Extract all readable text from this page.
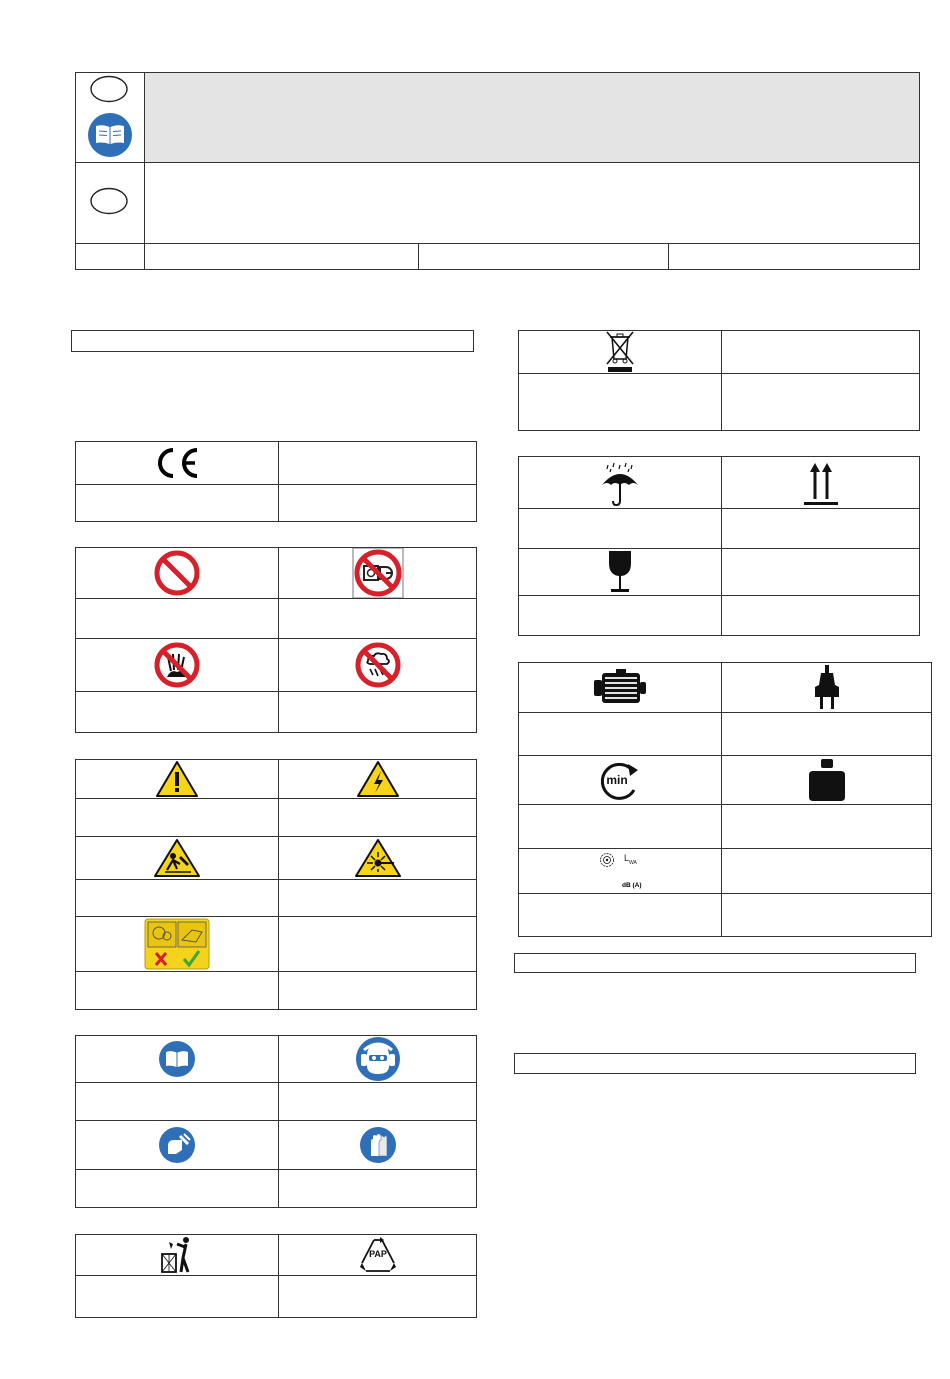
PAP

min

$L_{WA}$
dB (A)	
